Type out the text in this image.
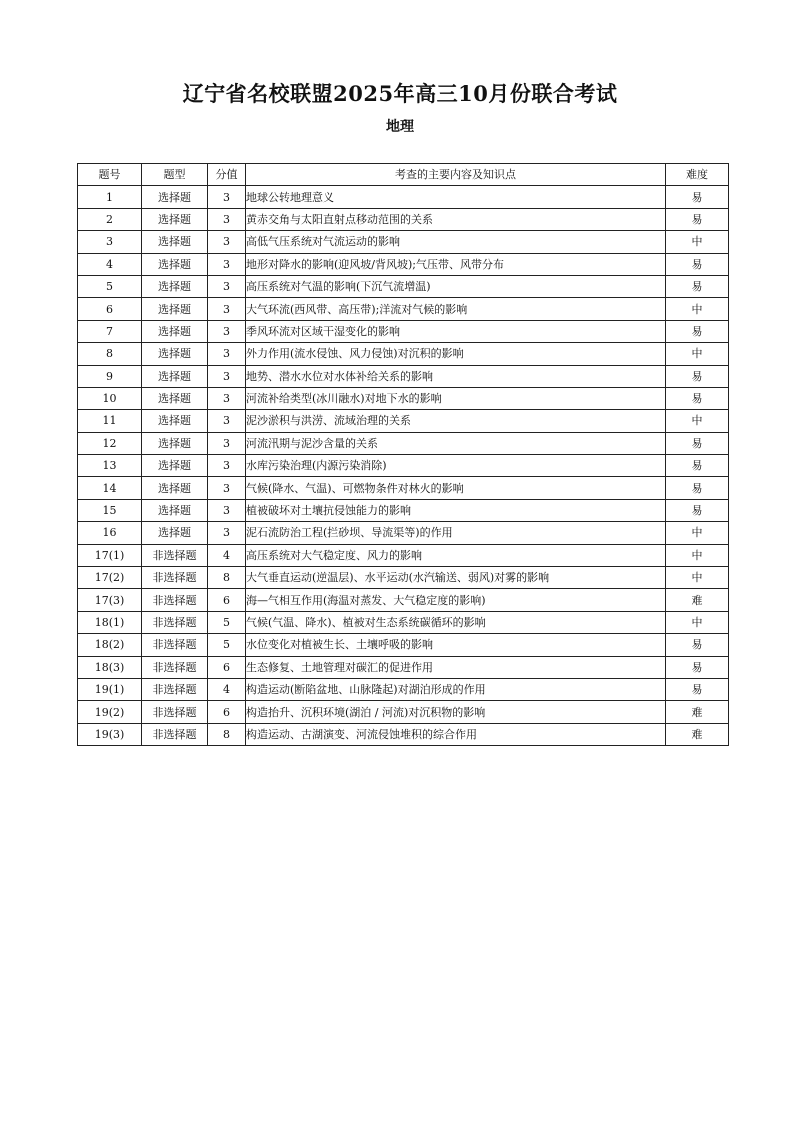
辽宁省名校联盟2025年高三10月份联合考试
地理
题号	题型	分值	考查的主要内容及知识点	难度
1	选择题	3	地球公转地理意义	易
2	选择题	3	黄赤交角与太阳直射点移动范围的关系	易
3	选择题	3	高低气压系统对气流运动的影响	中
4	选择题	3	地形对降水的影响(迎风坡/背风坡);气压带、风带分布	易
5	选择题	3	高压系统对气温的影响(下沉气流增温)	易
6	选择题	3	大气环流(西风带、高压带);洋流对气候的影响	中
7	选择题	3	季风环流对区域干湿变化的影响	易
8	选择题	3	外力作用(流水侵蚀、风力侵蚀)对沉积的影响	中
9	选择题	3	地势、潜水水位对水体补给关系的影响	易
10	选择题	3	河流补给类型(冰川融水)对地下水的影响	易
11	选择题	3	泥沙淤积与洪涝、流域治理的关系	中
12	选择题	3	河流汛期与泥沙含量的关系	易
13	选择题	3	水库污染治理(内源污染消除)	易
14	选择题	3	气候(降水、气温)、可燃物条件对林火的影响	易
15	选择题	3	植被破坏对土壤抗侵蚀能力的影响	易
16	选择题	3	泥石流防治工程(拦砂坝、导流渠等)的作用	中
17(1)	非选择题	4	高压系统对大气稳定度、风力的影响	中
17(2)	非选择题	8	大气垂直运动(逆温层)、水平运动(水汽输送、弱风)对雾的影响	中
17(3)	非选择题	6	海—气相互作用(海温对蒸发、大气稳定度的影响)	难
18(1)	非选择题	5	气候(气温、降水)、植被对生态系统碳循环的影响	中
18(2)	非选择题	5	水位变化对植被生长、土壤呼吸的影响	易
18(3)	非选择题	6	生态修复、土地管理对碳汇的促进作用	易
19(1)	非选择题	4	构造运动(断陷盆地、山脉隆起)对湖泊形成的作用	易
19(2)	非选择题	6	构造抬升、沉积环境(湖泊 / 河流)对沉积物的影响	难
19(3)	非选择题	8	构造运动、古湖演变、河流侵蚀堆积的综合作用	难
